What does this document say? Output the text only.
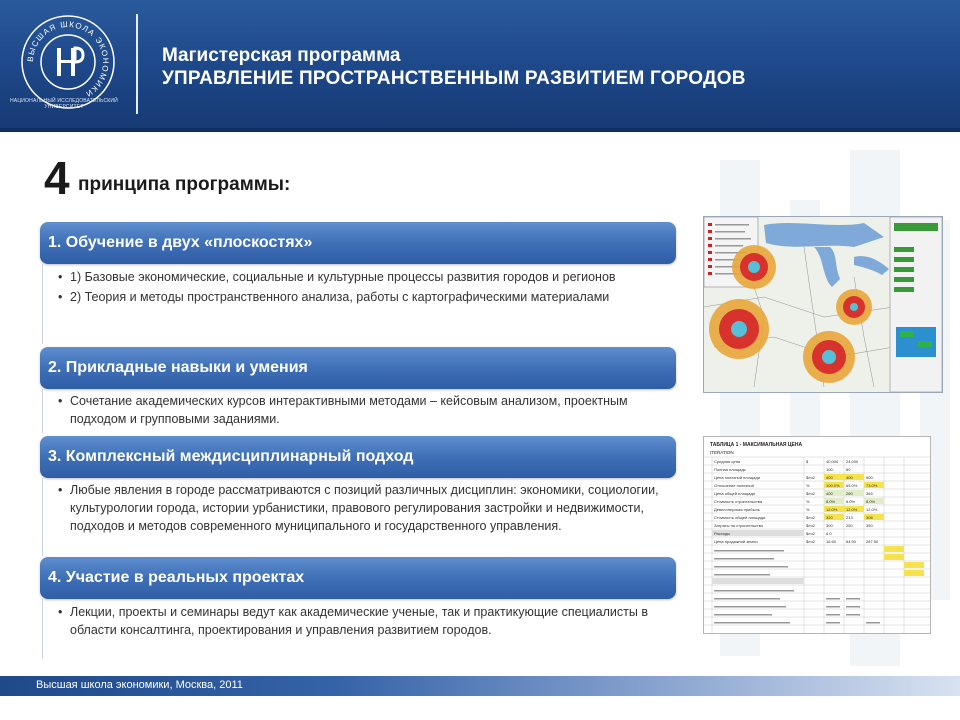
ВЫСШАЯ ШКОЛА ЭКОНОМИКИ
НАЦИОНАЛЬНЫЙ ИССЛЕДОВАТЕЛЬСКИЙ УНИВЕРСИТЕТ
Магистерская программа
УПРАВЛЕНИЕ ПРОСТРАНСТВЕННЫМ РАЗВИТИЕМ ГОРОДОВ
4 принципа программы:
1. Обучение в двух «плоскостях»
• 1) Базовые экономические, социальные и культурные процессы развития городов и регионов
• 2) Теория и методы пространственного анализа, работы с картографическими материалами
2. Прикладные навыки и умения
• Сочетание академических курсов интерактивными методами – кейсовым анализом, проектным подходом и групповыми заданиями.
3. Комплексный междисциплинарный подход
• Любые явления в городе рассматриваются с позиций различных дисциплин: экономики, социологии, культурологии города, истории урбанистики, правового регулирования застройки и недвижимости, подходов и методов современного муниципального и государственного управления.
4. Участие в реальных проектах
• Лекции, проекты и семинары ведут как академические ученые, так и практикующие специалисты в области консалтинга, проектирования и управления развитием городов.
ТАБЛИЦА 1 - МАКСИМАЛЬНАЯ ЦЕНА
ITERATION
Средняя цена	$	40,000 24,000
Полная площадь	100	60
Цена полезной площади	$/m2	400	400	500
Отношение полезной	%	100.0% 65.0% 73.0%
Цена общей площади	$/m2	400	260	365
Стоимость строительства	%	8.0%	8.0%	8.0%
Девелоперская прибыль	%	12.0% 12.0% 12.0%
Стоимость общей площади	$/m2	320	213	308
Затраты на строительство	$/m2	300	250	350
Расходы	$/m2	6.0
Цена продажной земли	$/m2	16.60 64.90 287.50
Высшая школа экономики, Москва, 2011
